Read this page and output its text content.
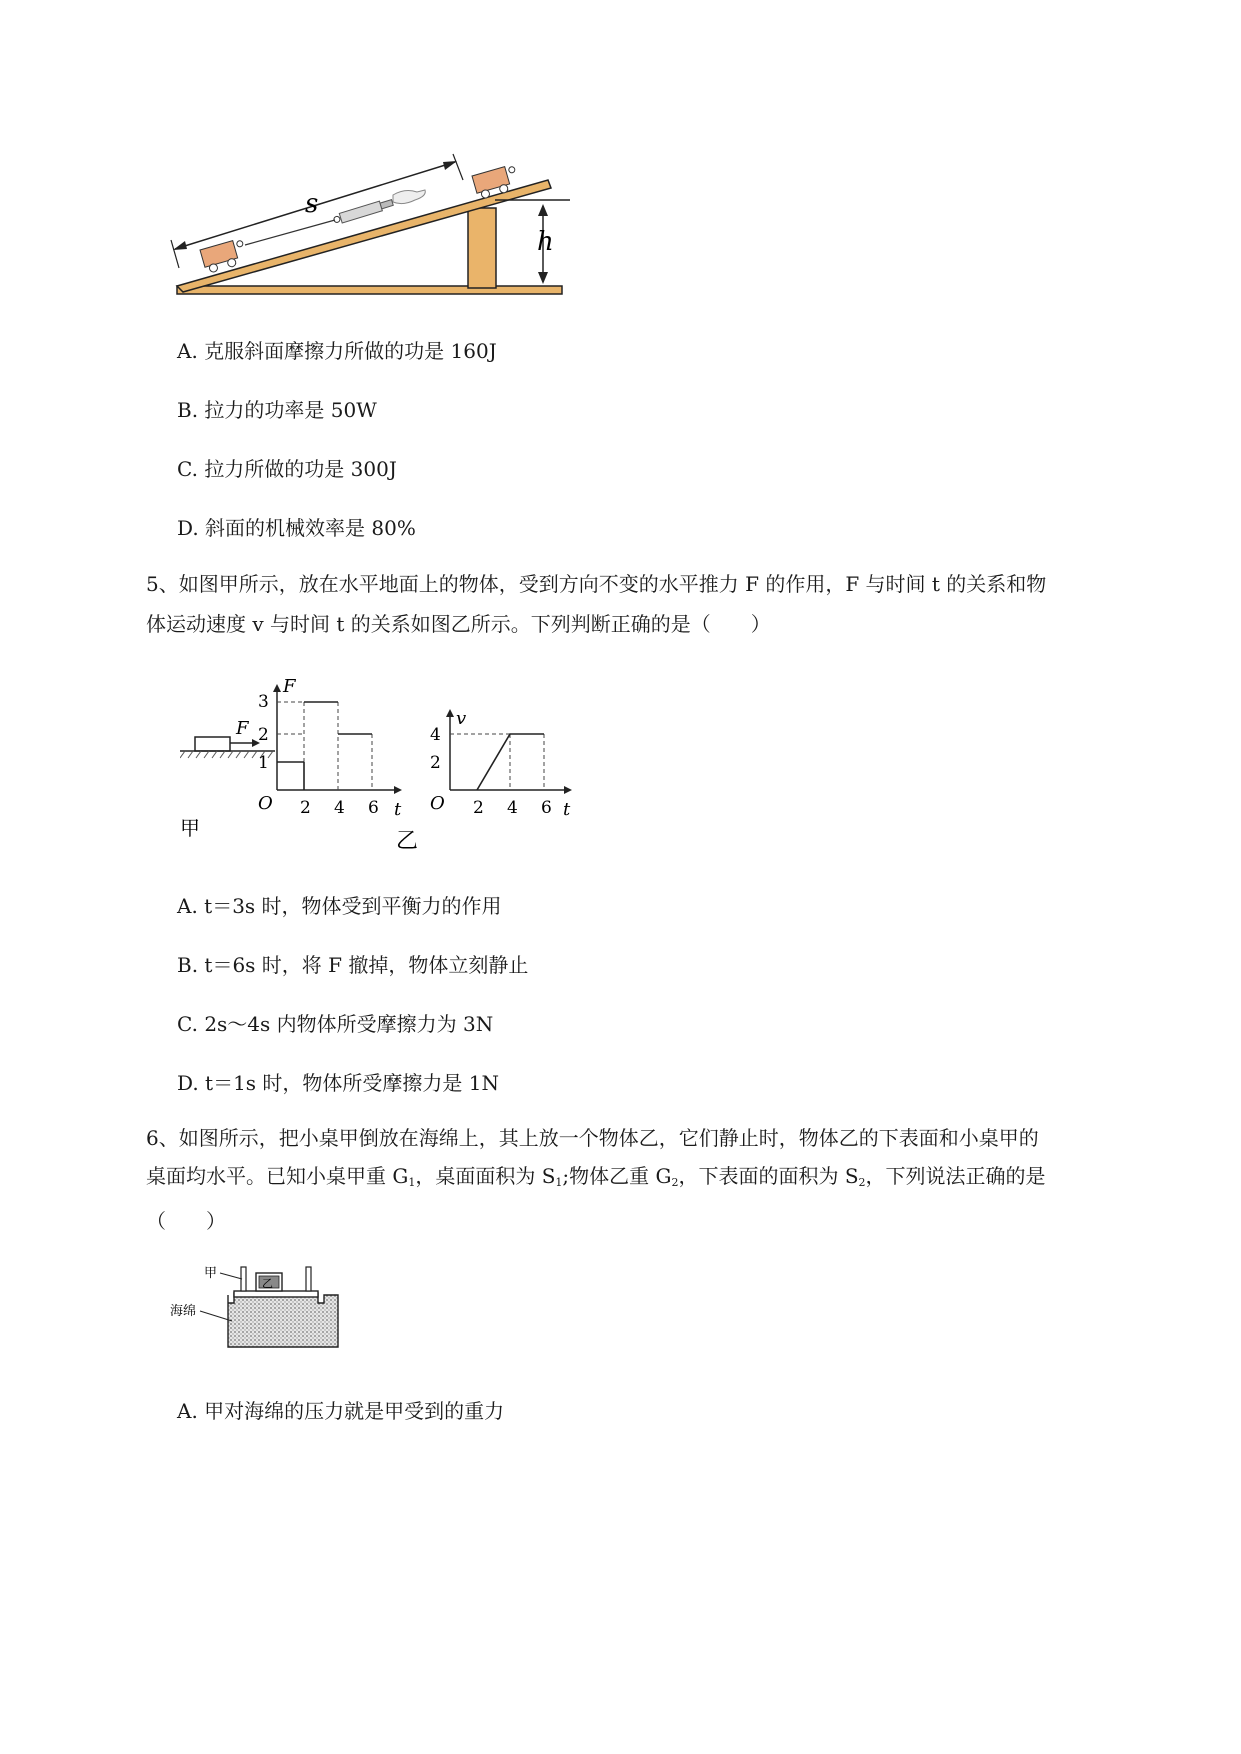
h
s
A. 克服斜面摩擦力所做的功是 160J
B. 拉力的功率是 50W
C. 拉力所做的功是 300J
D. 斜面的机械效率是 80%
5、如图甲所示，放在水平地面上的物体，受到方向不变的水平推力 F 的作用，F 与时间 t 的关系和物
体运动速度 v 与时间 t 的关系如图乙所示。下列判断正确的是（　　）
F
甲
F
t
O
3
2
1
2 4 6
乙
v
t
O
4
2
2 4 6
A. t＝3s 时，物体受到平衡力的作用
B. t＝6s 时，将 F 撤掉，物体立刻静止
C. 2s～4s 内物体所受摩擦力为 3N
D. t＝1s 时，物体所受摩擦力是 1N
6、如图所示，把小桌甲倒放在海绵上，其上放一个物体乙，它们静止时，物体乙的下表面和小桌甲的
桌面均水平。已知小桌甲重 $G_1$，桌面面积为 $S_1$;物体乙重 $G_2$，下表面的面积为 $S_2$，下列说法正确的是
（　　）
乙
甲
海绵
A. 甲对海绵的压力就是甲受到的重力
